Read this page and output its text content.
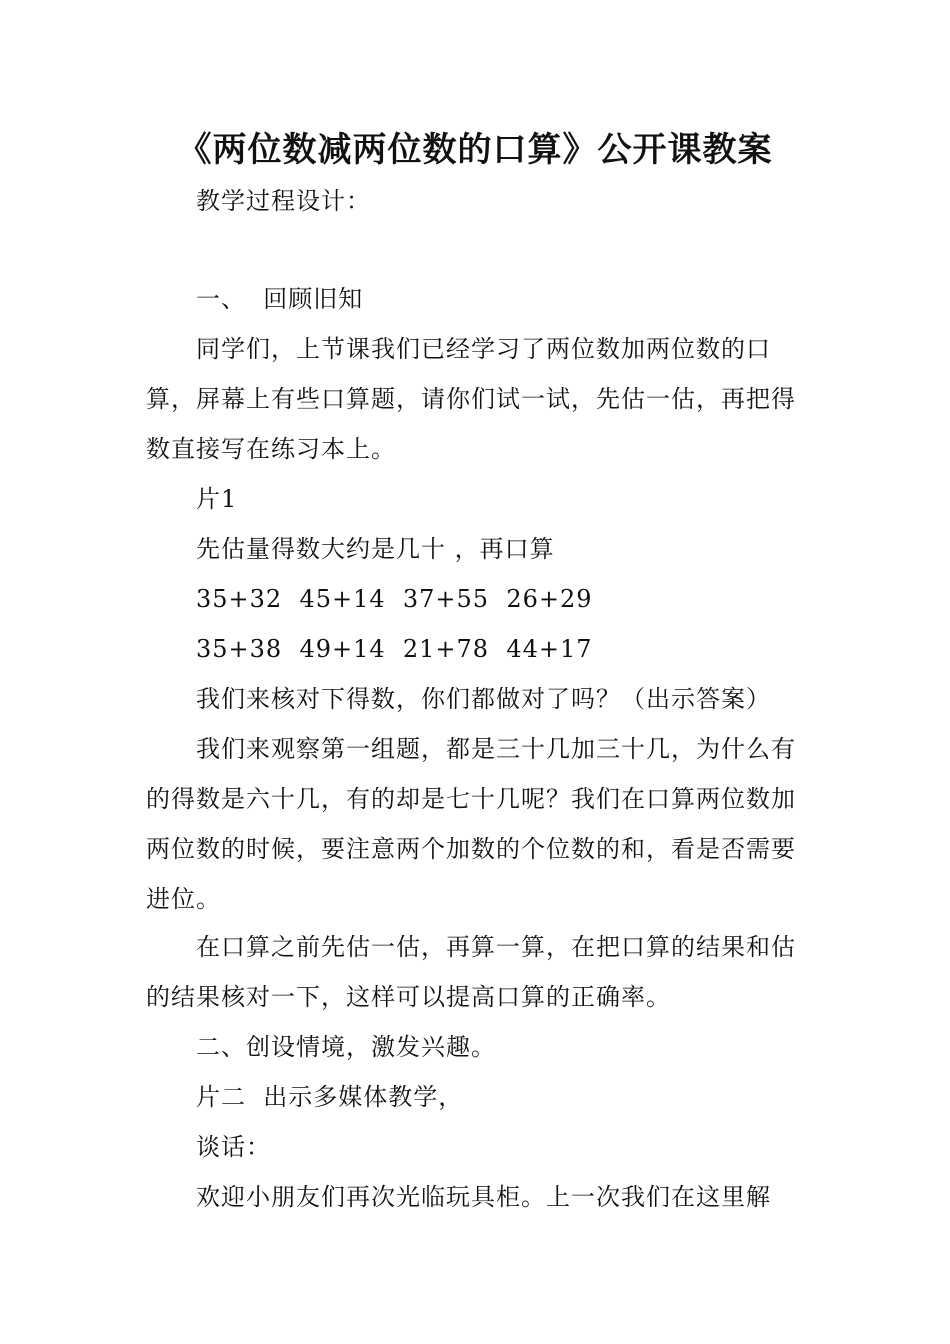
《两位数减两位数的口算》公开课教案

教学过程设计：

一、  回顾旧知

同学们，上节课我们已经学习了两位数加两位数的口算，屏幕上有些口算题，请你们试一试，先估一估，再把得数直接写在练习本上。

片1

先估量得数大约是几十 ，再口算

35+32  45+14  37+55  26+29

35+38  49+14  21+78  44+17

我们来核对下得数，你们都做对了吗？（出示答案）

我们来观察第一组题，都是三十几加三十几，为什么有的得数是六十几，有的却是七十几呢？我们在口算两位数加两位数的时候，要注意两个加数的个位数的和，看是否需要进位。

在口算之前先估一估，再算一算，在把口算的结果和估的结果核对一下，这样可以提高口算的正确率。

二、创设情境，激发兴趣。

片二  出示多媒体教学，

谈话：

欢迎小朋友们再次光临玩具柜。上一次我们在这里解
